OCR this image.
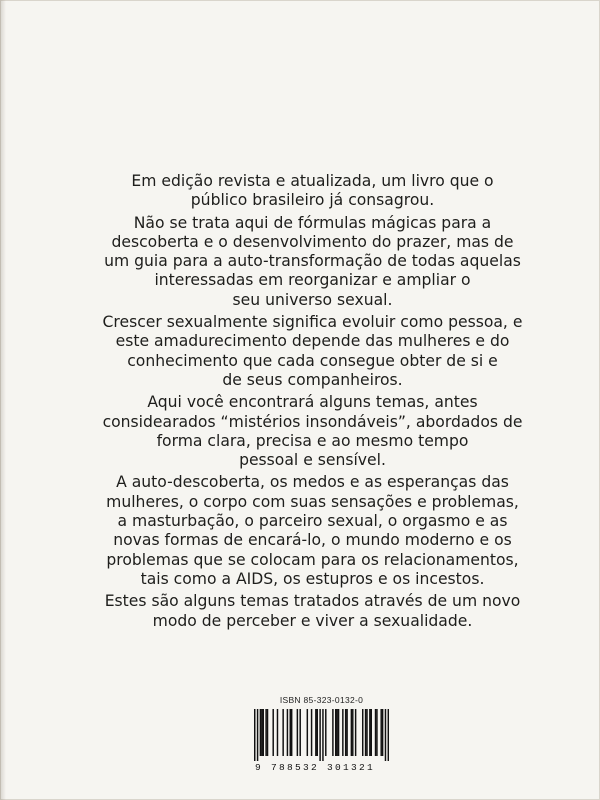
Em edição revista e atualizada, um livro que o
público brasileiro já consagrou.

Não se trata aqui de fórmulas mágicas para a
descoberta e o desenvolvimento do prazer, mas de
um guia para a auto-transformação de todas aquelas
interessadas em reorganizar e ampliar o
seu universo sexual.

Crescer sexualmente significa evoluir como pessoa, e
este amadurecimento depende das mulheres e do
conhecimento que cada consegue obter de si e
de seus companheiros.

Aqui você encontrará alguns temas, antes
considearados “mistérios insondáveis”, abordados de
forma clara, precisa e ao mesmo tempo
pessoal e sensível.

A auto-descoberta, os medos e as esperanças das
mulheres, o corpo com suas sensações e problemas,
a masturbação, o parceiro sexual, o orgasmo e as
novas formas de encará-lo, o mundo moderno e os
problemas que se colocam para os relacionamentos,
tais como a AIDS, os estupros e os incestos.

Estes são alguns temas tratados através de um novo
modo de perceber e viver a sexualidade.

ISBN 85-323-0132-0
9 788532 301321
